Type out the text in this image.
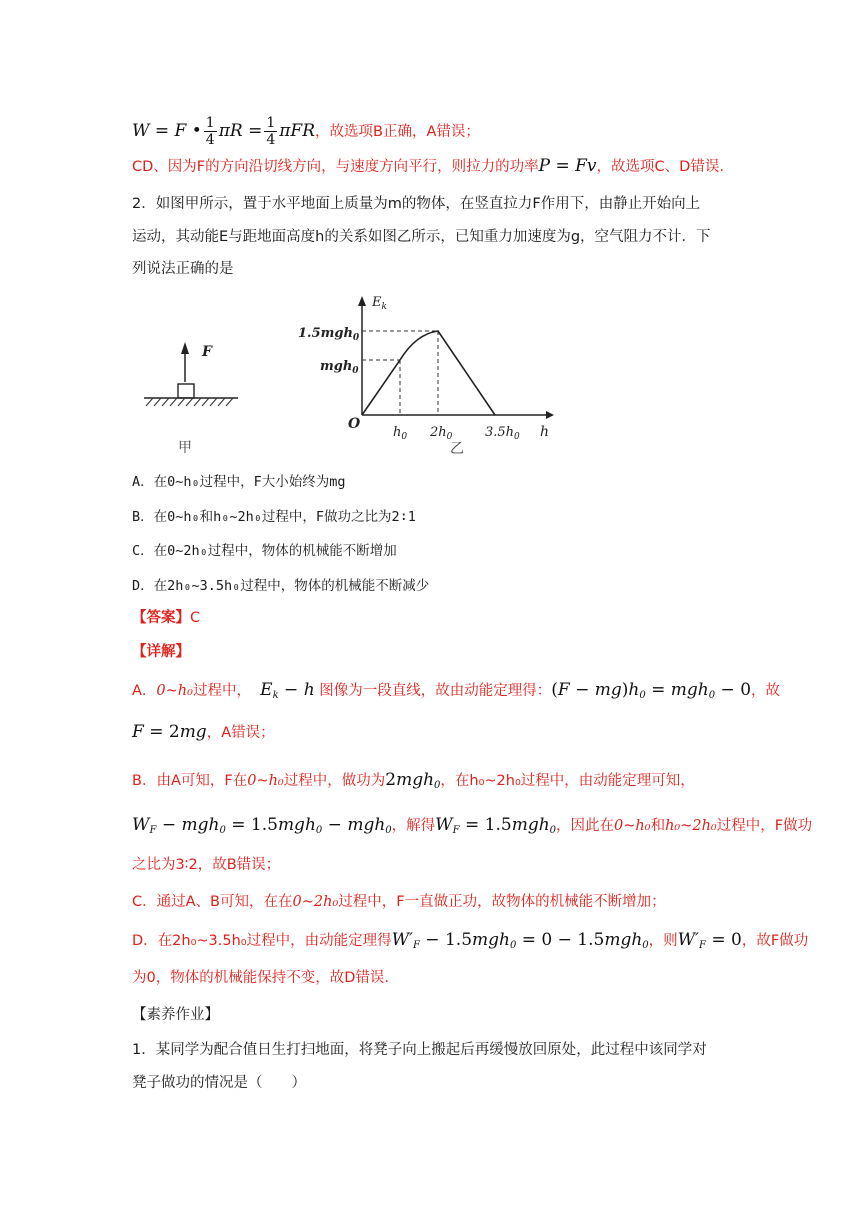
W = F • $\frac{1}{4}$ $\pi R = \frac{1}{4}$ πFR，故选项B正确，A错误；
CD、因为F的方向沿切线方向，与速度方向平行，则拉力的功率P = Fv，故选项C、D错误.
2．如图甲所示，置于水平地面上质量为m的物体，在竖直拉力F作用下，由静止开始向上
运动，其动能E与距地面高度h的关系如图乙所示，已知重力加速度为g，空气阻力不计．下
列说法正确的是
F
甲
$E_k$
O	h
1.5mgh$_0$
mgh$_0$
$h_0$ $2h_0$	$3.5h_0$
乙
A．在0~h₀过程中，F大小始终为mg
B．在0~h₀和h₀~2h₀过程中，F做功之比为2∶1
C．在0~2h₀过程中，物体的机械能不断增加
D．在2h₀~3.5h₀过程中，物体的机械能不断减少
【答案】C
【详解】
A．0~h₀过程中， $E_k - h$ 图像为一段直线，故由动能定理得：$(F - mg)h_0 = mgh_0 - 0$，故
F = 2mg，A错误；
B．由A可知，F在0~h₀过程中，做功为2mgh$_0$，在h₀~2h₀过程中，由动能定理可知，
$W_F - mgh_0 = 1.5mgh_0 - mgh_0$，解得$W_F = 1.5mgh_0$，因此在0~h₀和h₀~2h₀过程中，F做功
之比为3∶2，故B错误；
C．通过A、B可知，在在0~2h₀过程中，F一直做正功，故物体的机械能不断增加；
D．在2h₀~3.5h₀过程中，由动能定理得$W'_F - 1.5mgh_0 = 0 - 1.5mgh_0$，则$W'_F = 0$，故F做功
为0，物体的机械能保持不变，故D错误.
【素养作业】
1．某同学为配合值日生打扫地面，将凳子向上搬起后再缓慢放回原处，此过程中该同学对
凳子做功的情况是（　　）
